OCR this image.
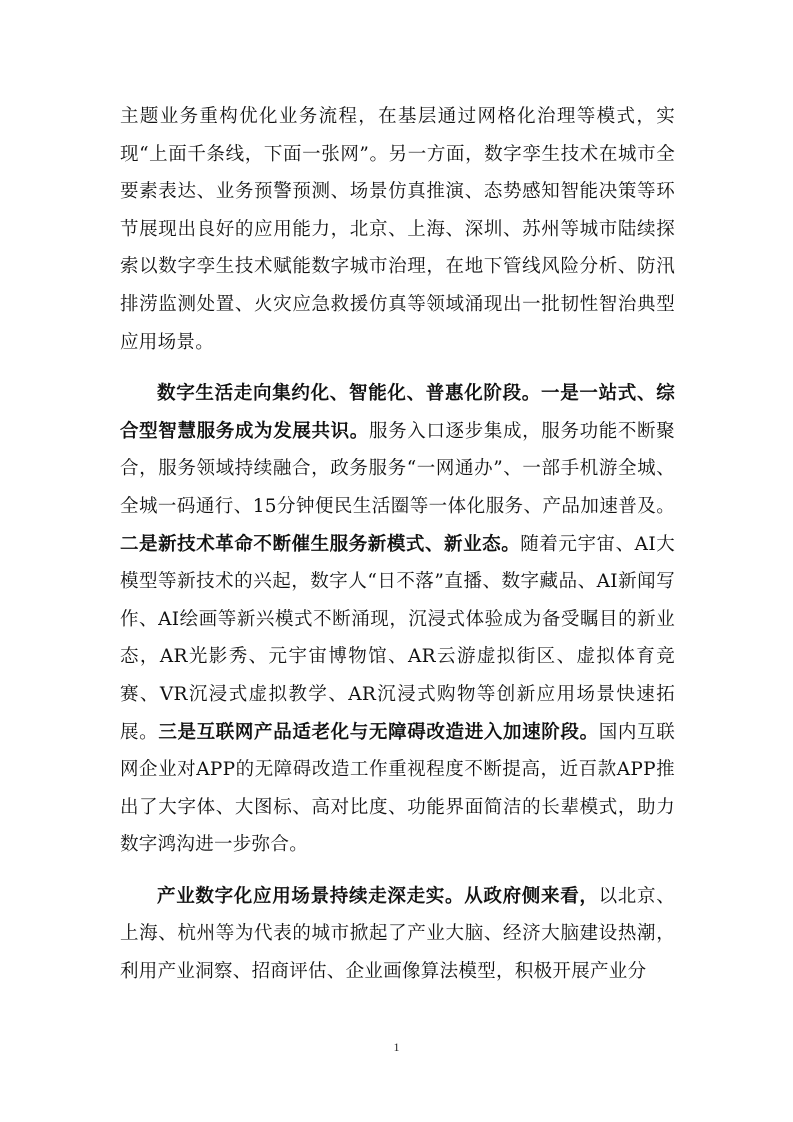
主题业务重构优化业务流程，在基层通过网格化治理等模式，实现“上面千条线，下面一张网”。另一方面，数字孪生技术在城市全要素表达、业务预警预测、场景仿真推演、态势感知智能决策等环节展现出良好的应用能力，北京、上海、深圳、苏州等城市陆续探索以数字孪生技术赋能数字城市治理，在地下管线风险分析、防汛排涝监测处置、火灾应急救援仿真等领域涌现出一批韧性智治典型应用场景。

数字生活走向集约化、智能化、普惠化阶段。一是一站式、综合型智慧服务成为发展共识。服务入口逐步集成，服务功能不断聚合，服务领域持续融合，政务服务“一网通办”、一部手机游全城、全城一码通行、15分钟便民生活圈等一体化服务、产品加速普及。二是新技术革命不断催生服务新模式、新业态。随着元宇宙、AI大模型等新技术的兴起，数字人“日不落”直播、数字藏品、AI新闻写作、AI绘画等新兴模式不断涌现，沉浸式体验成为备受瞩目的新业态，AR光影秀、元宇宙博物馆、AR云游虚拟街区、虚拟体育竞赛、VR沉浸式虚拟教学、AR沉浸式购物等创新应用场景快速拓展。三是互联网产品适老化与无障碍改造进入加速阶段。国内互联网企业对APP的无障碍改造工作重视程度不断提高，近百款APP推出了大字体、大图标、高对比度、功能界面简洁的长辈模式，助力数字鸿沟进一步弥合。

产业数字化应用场景持续走深走实。从政府侧来看，以北京、上海、杭州等为代表的城市掀起了产业大脑、经济大脑建设热潮，利用产业洞察、招商评估、企业画像算法模型，积极开展产业分

1
